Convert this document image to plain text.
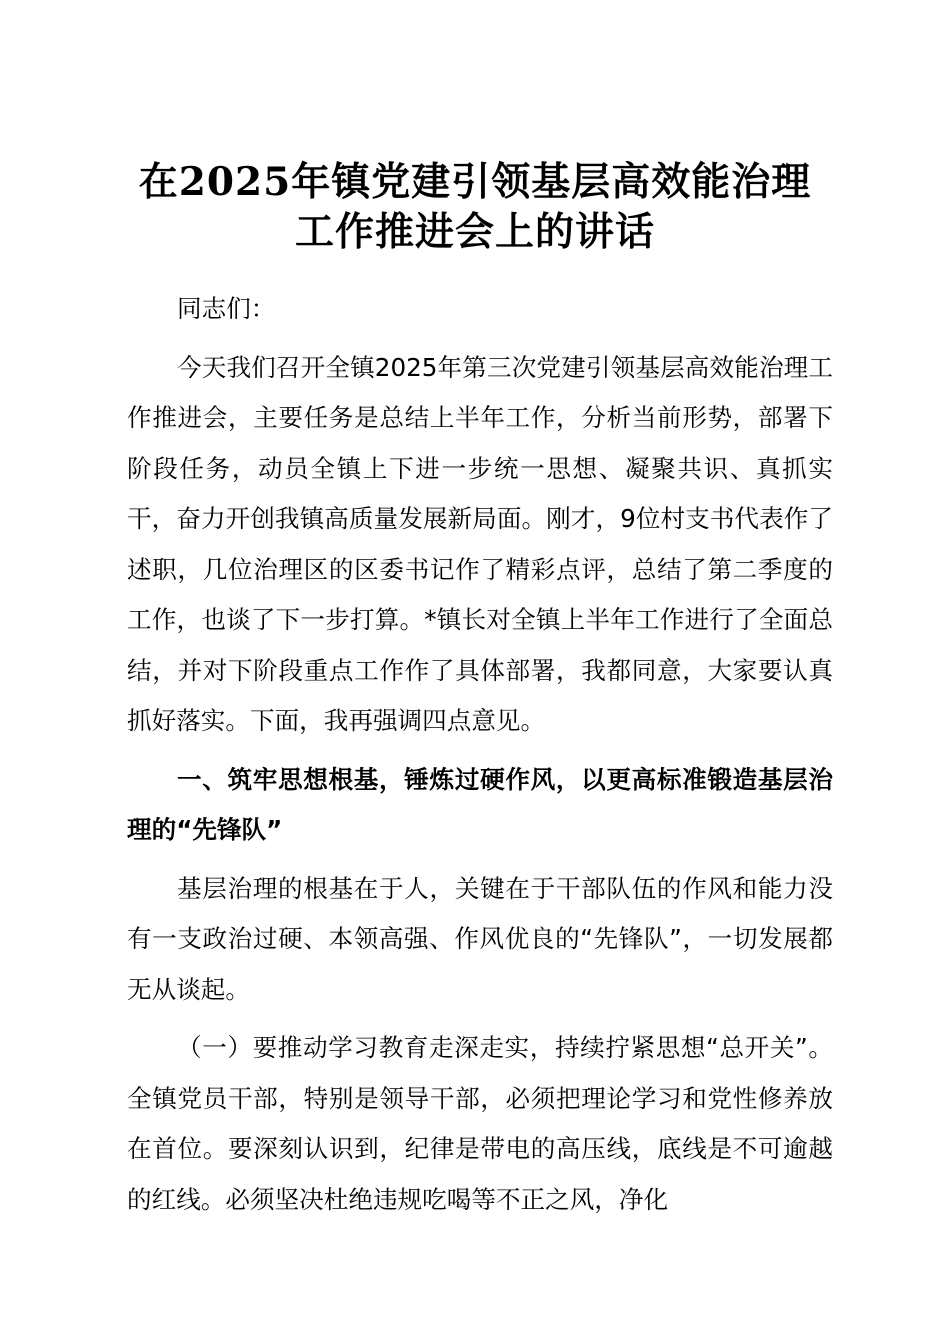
在2025年镇党建引领基层高效能治理
工作推进会上的讲话

同志们：

今天我们召开全镇2025年第三次党建引领基层高效能治理工作推进会，主要任务是总结上半年工作，分析当前形势，部署下阶段任务，动员全镇上下进一步统一思想、凝聚共识、真抓实干，奋力开创我镇高质量发展新局面。刚才，9位村支书代表作了述职，几位治理区的区委书记作了精彩点评，总结了第二季度的工作，也谈了下一步打算。*镇长对全镇上半年工作进行了全面总结，并对下阶段重点工作作了具体部署，我都同意，大家要认真抓好落实。下面，我再强调四点意见。

一、筑牢思想根基，锤炼过硬作风，以更高标准锻造基层治理的“先锋队”

基层治理的根基在于人，关键在于干部队伍的作风和能力没有一支政治过硬、本领高强、作风优良的“先锋队”，一切发展都无从谈起。

（一）要推动学习教育走深走实，持续拧紧思想“总开关”。全镇党员干部，特别是领导干部，必须把理论学习和党性修养放在首位。要深刻认识到，纪律是带电的高压线，底线是不可逾越的红线。必须坚决杜绝违规吃喝等不正之风，净化
